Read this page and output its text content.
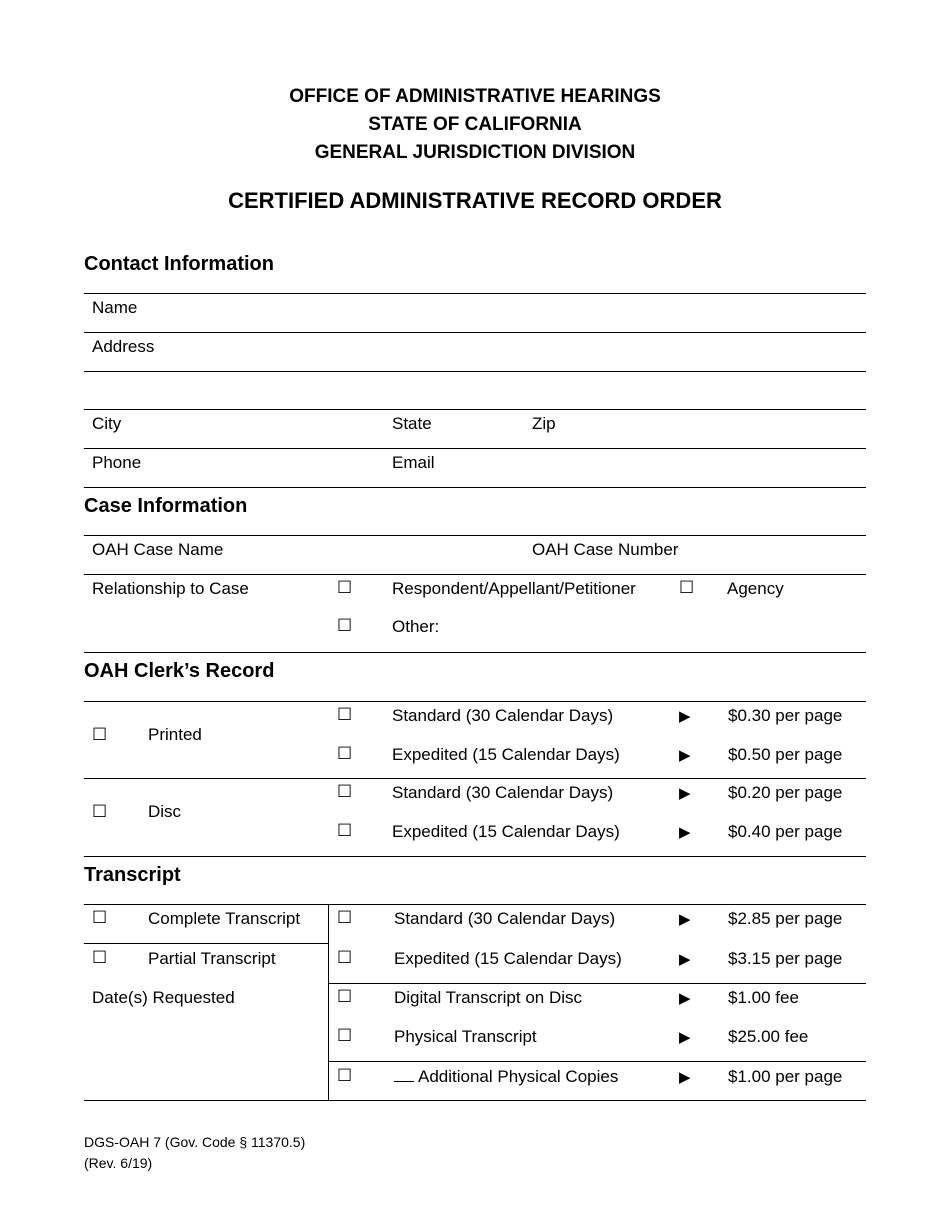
OFFICE OF ADMINISTRATIVE HEARINGS
STATE OF CALIFORNIA
GENERAL JURISDICTION DIVISION
CERTIFIED ADMINISTRATIVE RECORD ORDER
Contact Information
Name
Address
City	State	Zip
Phone	Email
Case Information
OAH Case Name	OAH Case Number
Relationship to Case	☐ Respondent/Appellant/Petitioner	☐ Agency
☐ Other:
OAH Clerk’s Record
☐ Printed
☐ Standard (30 Calendar Days)	▶ $0.30 per page
☐ Expedited (15 Calendar Days)	▶ $0.50 per page
☐ Disc
☐ Standard (30 Calendar Days)	▶ $0.20 per page
☐ Expedited (15 Calendar Days)	▶ $0.40 per page
Transcript
☐ Complete Transcript ☐ Standard (30 Calendar Days)	▶ $2.85 per page
☐ Partial Transcript	☐ Expedited (15 Calendar Days)	▶ $3.15 per page
Date(s) Requested	☐ Digital Transcript on Disc	▶ $1.00 fee
☐ Physical Transcript	▶ $25.00 fee
☐	Additional Physical Copies	▶ $1.00 per page
DGS-OAH 7 (Gov. Code § 11370.5)
(Rev. 6/19)
